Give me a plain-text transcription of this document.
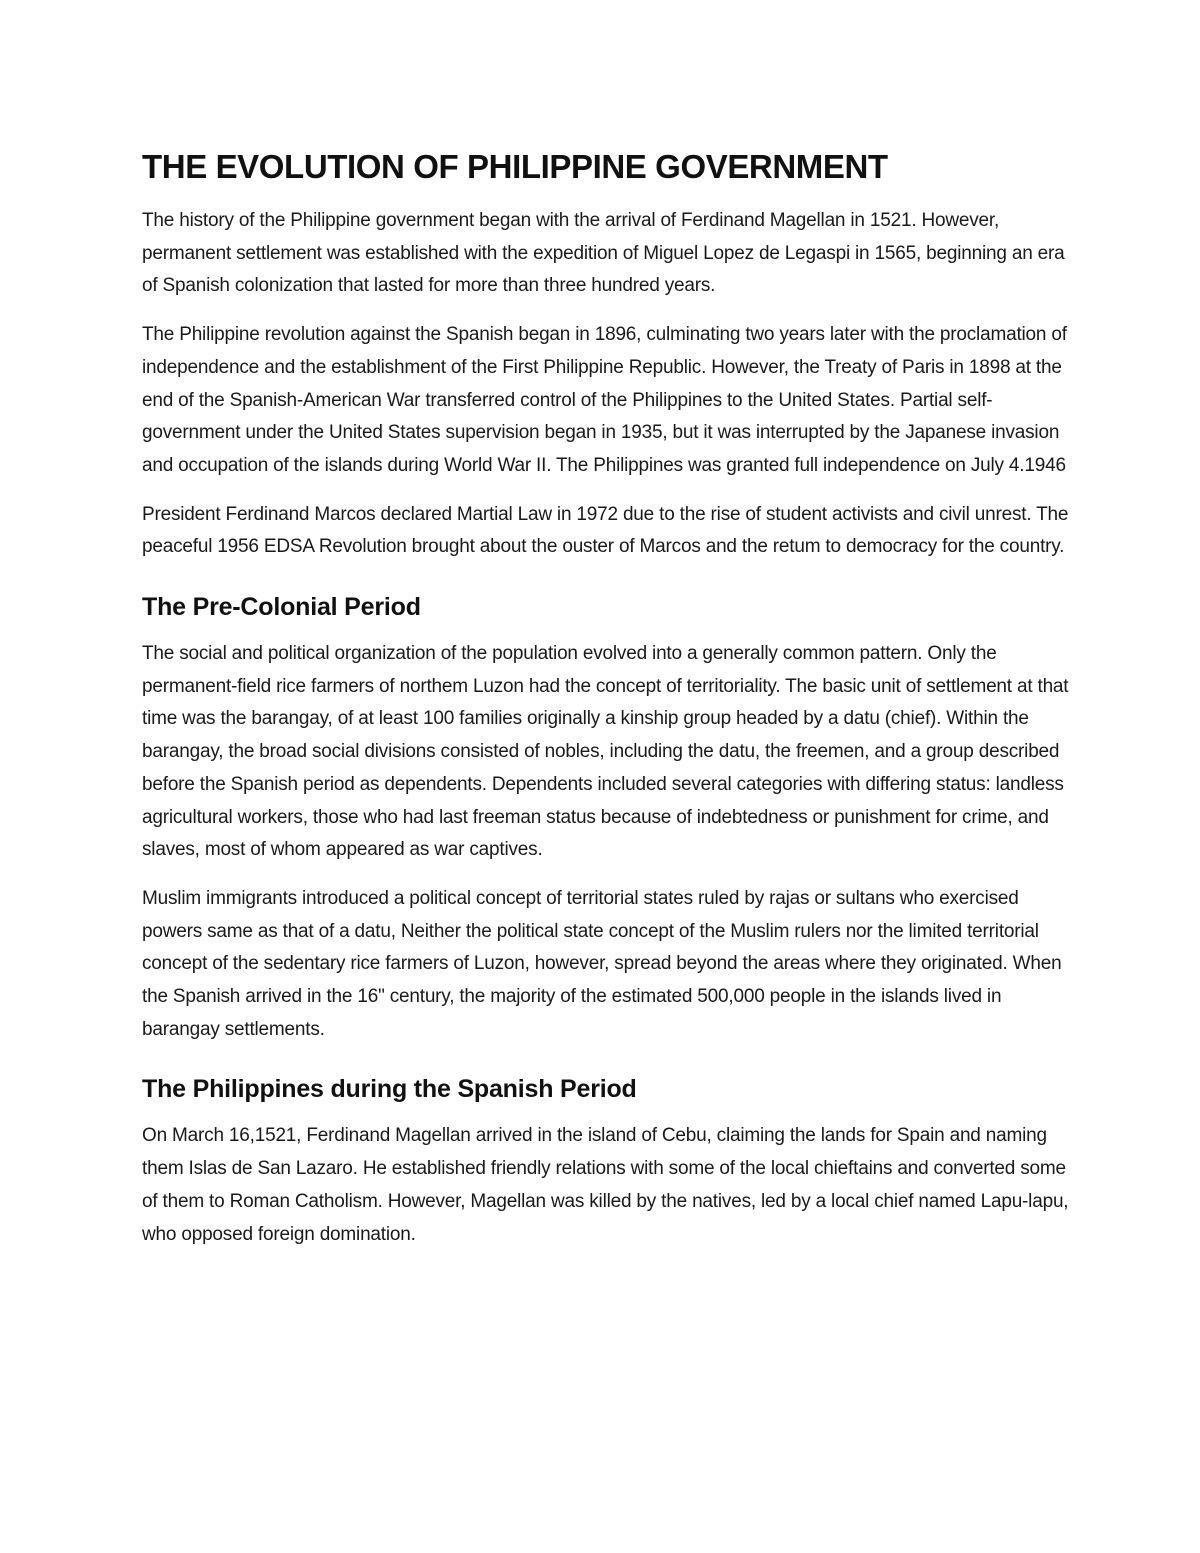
THE EVOLUTION OF PHILIPPINE GOVERNMENT

The history of the Philippine government began with the arrival of Ferdinand Magellan in 1521. However, permanent settlement was established with the expedition of Miguel Lopez de Legaspi in 1565, beginning an era of Spanish colonization that lasted for more than three hundred years.

The Philippine revolution against the Spanish began in 1896, culminating two years later with the proclamation of independence and the establishment of the First Philippine Republic. However, the Treaty of Paris in 1898 at the end of the Spanish-American War transferred control of the Philippines to the United States. Partial self-government under the United States supervision began in 1935, but it was interrupted by the Japanese invasion and occupation of the islands during World War II. The Philippines was granted full independence on July 4.1946

President Ferdinand Marcos declared Martial Law in 1972 due to the rise of student activists and civil unrest. The peaceful 1956 EDSA Revolution brought about the ouster of Marcos and the retum to democracy for the country.

The Pre-Colonial Period

The social and political organization of the population evolved into a generally common pattern. Only the permanent-field rice farmers of northem Luzon had the concept of territoriality. The basic unit of settlement at that time was the barangay, of at least 100 families originally a kinship group headed by a datu (chief). Within the barangay, the broad social divisions consisted of nobles, including the datu, the freemen, and a group described before the Spanish period as dependents. Dependents included several categories with differing status: landless agricultural workers, those who had last freeman status because of indebtedness or punishment for crime, and slaves, most of whom appeared as war captives.

Muslim immigrants introduced a political concept of territorial states ruled by rajas or sultans who exercised powers same as that of a datu, Neither the political state concept of the Muslim rulers nor the limited territorial concept of the sedentary rice farmers of Luzon, however, spread beyond the areas where they originated. When the Spanish arrived in the 16" century, the majority of the estimated 500,000 people in the islands lived in barangay settlements.

The Philippines during the Spanish Period

On March 16,1521, Ferdinand Magellan arrived in the island of Cebu, claiming the lands for Spain and naming them Islas de San Lazaro. He established friendly relations with some of the local chieftains and converted some of them to Roman Catholism. However, Magellan was killed by the natives, led by a local chief named Lapu-lapu, who opposed foreign domination.
